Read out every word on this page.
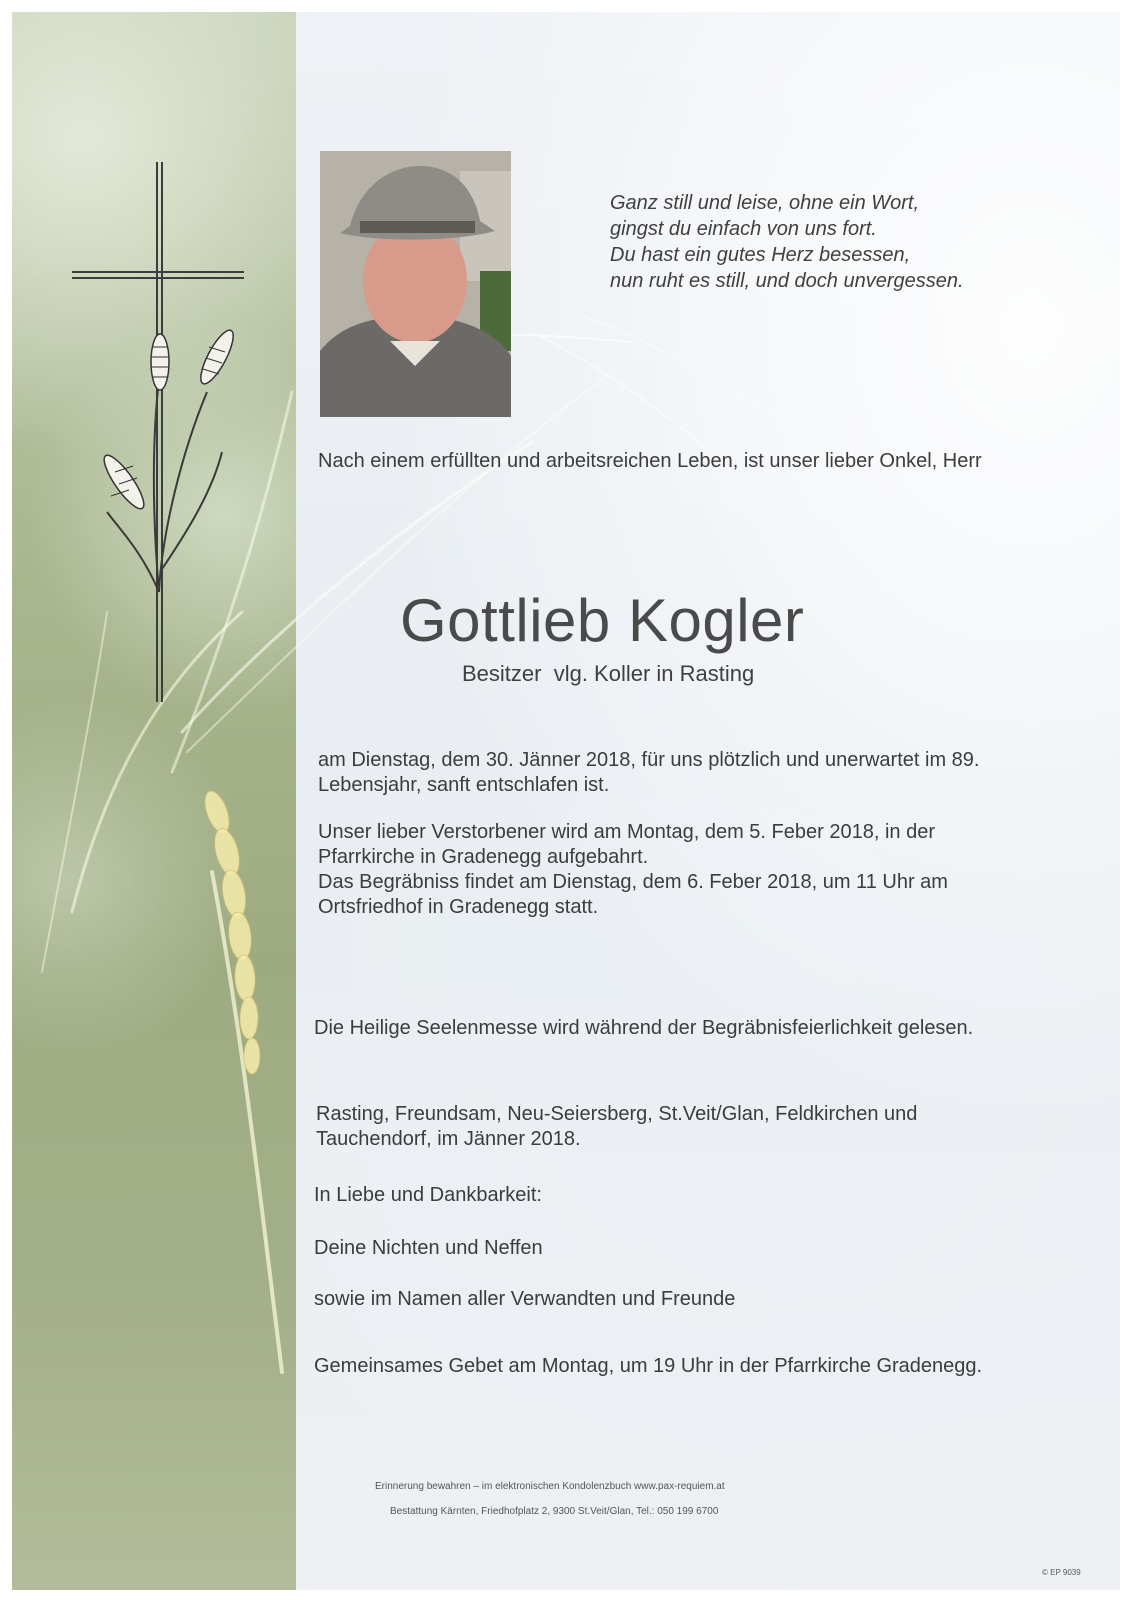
Ganz still und leise, ohne ein Wort,
gingst du einfach von uns fort.
Du hast ein gutes Herz besessen,
nun ruht es still, und doch unvergessen.
Nach einem erfüllten und arbeitsreichen Leben, ist unser lieber Onkel, Herr
Gottlieb Kogler
Besitzer  vlg. Koller in Rasting
am Dienstag, dem 30. Jänner 2018, für uns plötzlich und unerwartet im 89. Lebensjahr, sanft entschlafen ist.
Unser lieber Verstorbener wird am Montag, dem 5. Feber 2018, in der Pfarrkirche in Gradenegg aufgebahrt.
Das Begräbniss findet am Dienstag, dem 6. Feber 2018, um 11 Uhr am Ortsfriedhof in Gradenegg statt.
Die Heilige Seelenmesse wird während der Begräbnisfeierlichkeit gelesen.
Rasting, Freundsam, Neu-Seiersberg, St.Veit/Glan, Feldkirchen und Tauchendorf, im Jänner 2018.
In Liebe und Dankbarkeit:
Deine Nichten und Neffen
sowie im Namen aller Verwandten und Freunde
Gemeinsames Gebet am Montag, um 19 Uhr in der Pfarrkirche Gradenegg.
Erinnerung bewahren – im elektronischen Kondolenzbuch www.pax-requiem.at
Bestattung Kärnten, Friedhofplatz 2, 9300 St.Veit/Glan, Tel.: 050 199 6700
© EP 9039
